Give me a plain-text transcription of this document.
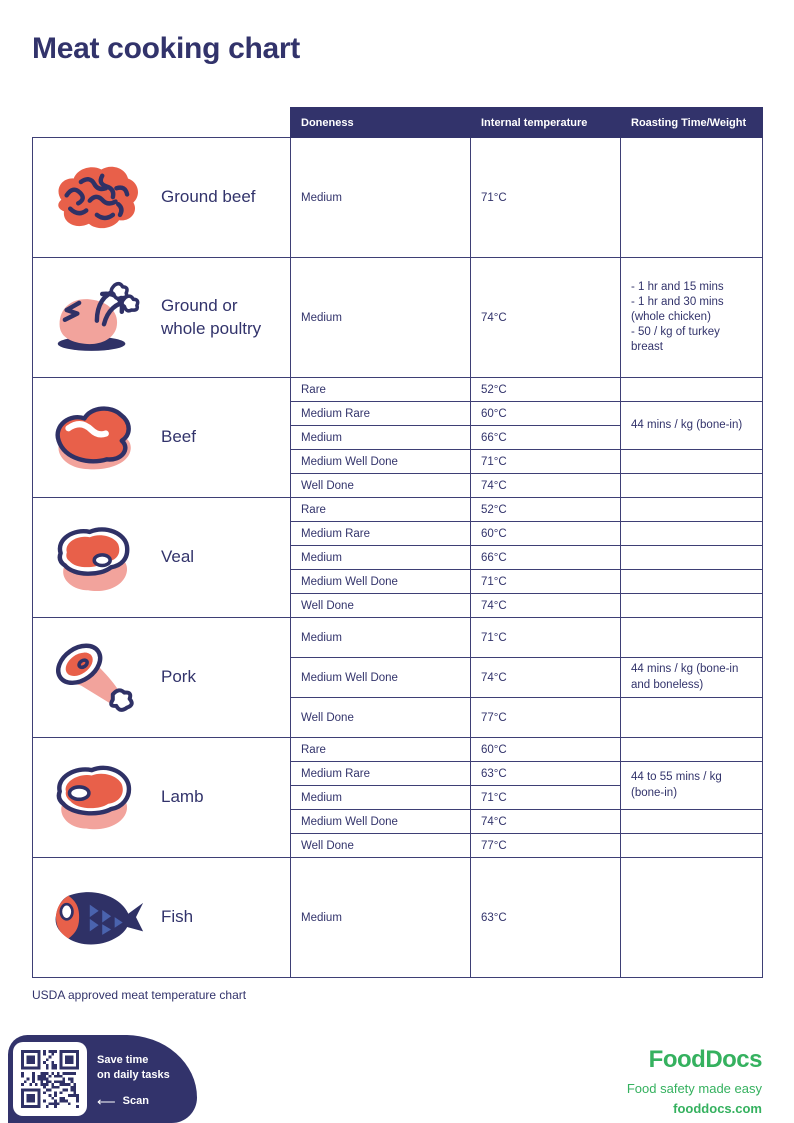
Meat cooking chart
	Doneness	Internal temperature	Roasting Time/Weight

Ground beef	Medium	71°C	

Ground or whole poultry	Medium	74°C	- 1 hr and 15 mins
- 1 hr and 30 mins (whole chicken)
- 50 / kg of turkey breast

Beef	Rare	52°C	
	Medium Rare	60°C	44 mins / kg (bone-in)

	Medium	66°C	
	Medium Well Done	71°C	
	Well Done	74°C	

Veal	Rare	52°C	
	Medium Rare	60°C	
	Medium	66°C	
	Medium Well Done	71°C	
	Well Done	74°C	

Pork	Medium	71°C	
	Medium Well Done	74°C	44 mins / kg (bone-in and boneless)

	Well Done	77°C	

Lamb	Rare	60°C	
	Medium Rare	63°C	44 to 55 mins / kg (bone-in)

	Medium	71°C	
	Medium Well Done	74°C	
	Well Done	77°C	

Fish	Medium	63°C	
USDA approved meat temperature chart
Save time
on daily tasks
⟵ Scan
FoodDocs
Food safety made easy
fooddocs.com
